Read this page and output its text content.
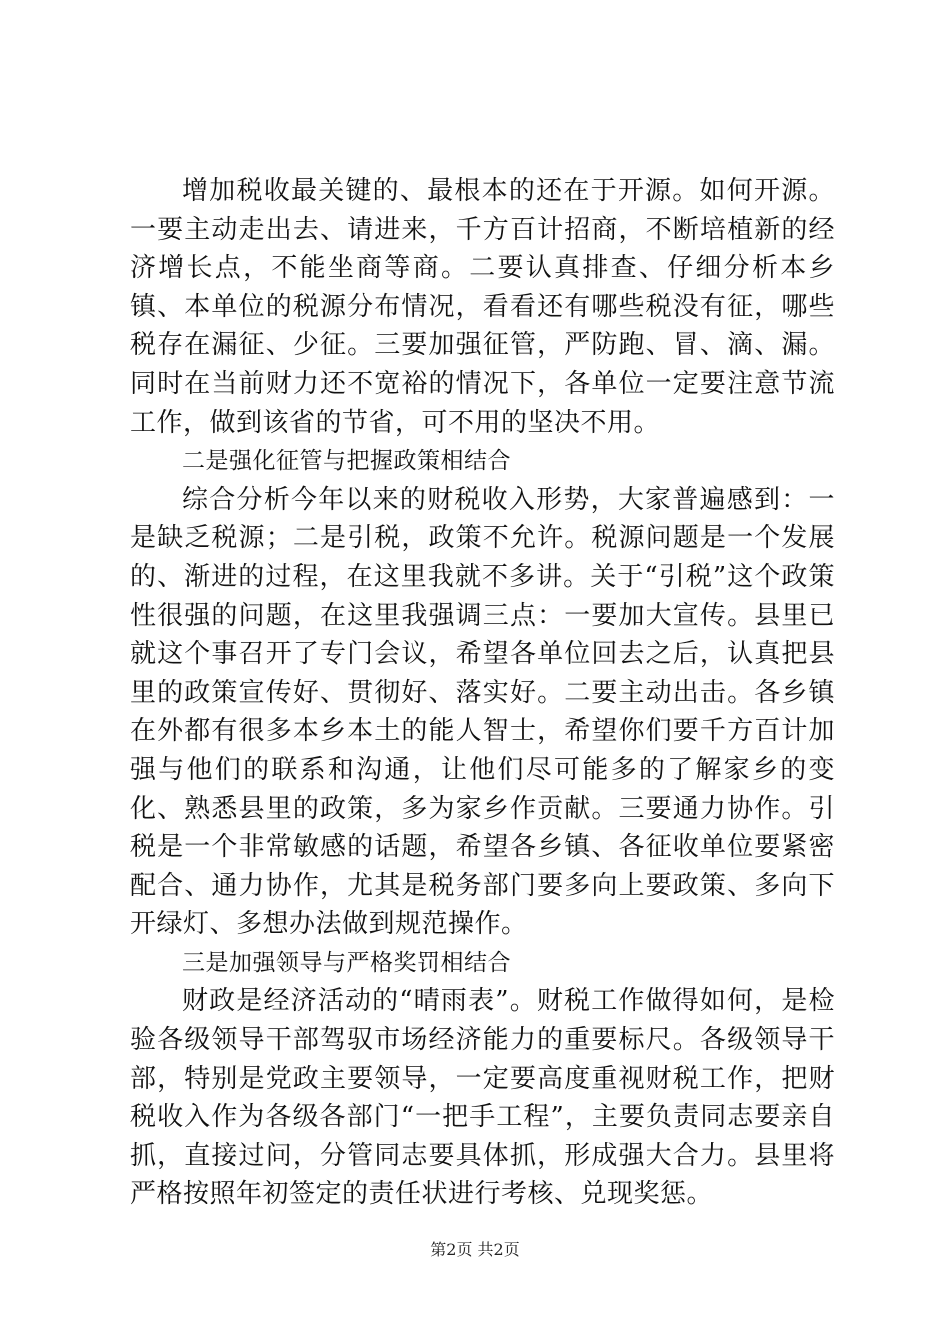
增加税收最关键的、最根本的还在于开源。如何开源。一要主动走出去、请进来，千方百计招商，不断培植新的经济增长点，不能坐商等商。二要认真排查、仔细分析本乡镇、本单位的税源分布情况，看看还有哪些税没有征，哪些税存在漏征、少征。三要加强征管，严防跑、冒、滴、漏。同时在当前财力还不宽裕的情况下，各单位一定要注意节流工作，做到该省的节省，可不用的坚决不用。

二是强化征管与把握政策相结合

综合分析今年以来的财税收入形势，大家普遍感到：一是缺乏税源；二是引税，政策不允许。税源问题是一个发展的、渐进的过程，在这里我就不多讲。关于“引税”这个政策性很强的问题，在这里我强调三点：一要加大宣传。县里已就这个事召开了专门会议，希望各单位回去之后，认真把县里的政策宣传好、贯彻好、落实好。二要主动出击。各乡镇在外都有很多本乡本土的能人智士，希望你们要千方百计加强与他们的联系和沟通，让他们尽可能多的了解家乡的变化、熟悉县里的政策，多为家乡作贡献。三要通力协作。引税是一个非常敏感的话题，希望各乡镇、各征收单位要紧密配合、通力协作，尤其是税务部门要多向上要政策、多向下开绿灯、多想办法做到规范操作。

三是加强领导与严格奖罚相结合

财政是经济活动的“晴雨表”。财税工作做得如何，是检验各级领导干部驾驭市场经济能力的重要标尺。各级领导干部，特别是党政主要领导，一定要高度重视财税工作，把财税收入作为各级各部门“一把手工程”，主要负责同志要亲自抓，直接过问，分管同志要具体抓，形成强大合力。县里将严格按照年初签定的责任状进行考核、兑现奖惩。

第2页 共2页
